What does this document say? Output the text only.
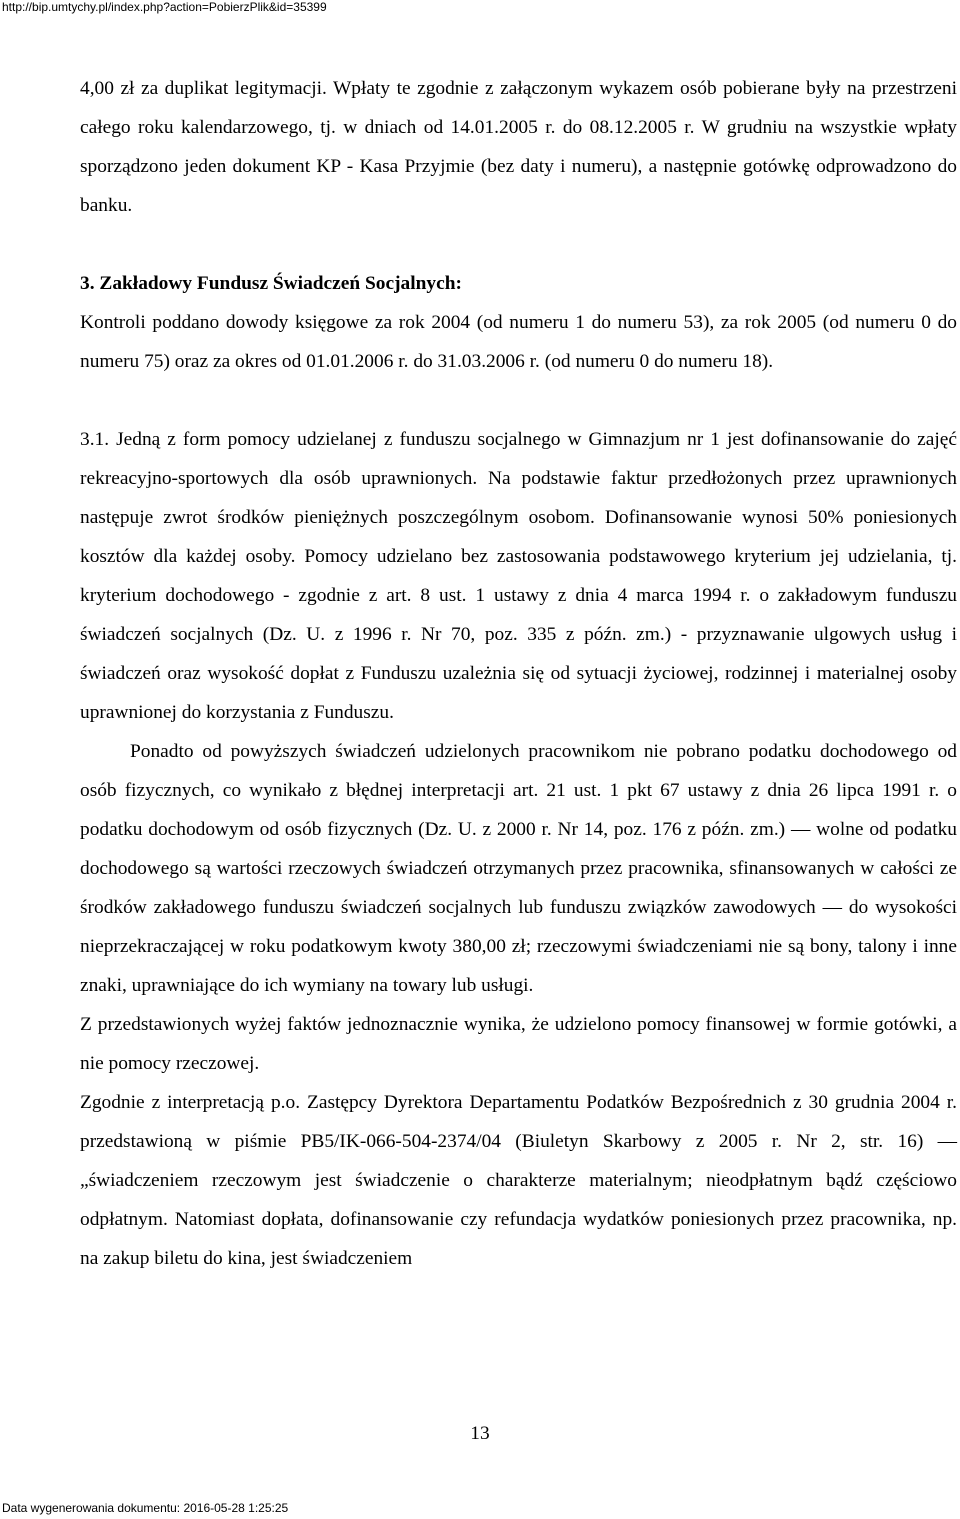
http://bip.umtychy.pl/index.php?action=PobierzPlik&id=35399

4,00 zł za duplikat legitymacji. Wpłaty te zgodnie z załączonym wykazem osób pobierane były na przestrzeni całego roku kalendarzowego, tj. w dniach od 14.01.2005 r. do 08.12.2005 r. W grudniu na wszystkie wpłaty sporządzono jeden dokument KP - Kasa Przyjmie (bez daty i numeru), a następnie gotówkę odprowadzono do banku.

3. Zakładowy Fundusz Świadczeń Socjalnych:

Kontroli poddano dowody księgowe za rok 2004 (od numeru 1 do numeru 53), za rok 2005 (od numeru 0 do numeru 75) oraz za okres od 01.01.2006 r. do 31.03.2006 r. (od numeru 0 do numeru 18).

3.1. Jedną z form pomocy udzielanej z funduszu socjalnego w Gimnazjum nr 1 jest dofinansowanie do zajęć rekreacyjno-sportowych dla osób uprawnionych. Na podstawie faktur przedłożonych przez uprawnionych następuje zwrot środków pieniężnych poszczególnym osobom. Dofinansowanie wynosi 50% poniesionych kosztów dla każdej osoby. Pomocy udzielano bez zastosowania podstawowego kryterium jej udzielania, tj. kryterium dochodowego - zgodnie z art. 8 ust. 1 ustawy z dnia 4 marca 1994 r. o zakładowym funduszu świadczeń socjalnych (Dz. U. z 1996 r. Nr 70, poz. 335 z późn. zm.) - przyznawanie ulgowych usług i świadczeń oraz wysokość dopłat z Funduszu uzależnia się od sytuacji życiowej, rodzinnej i materialnej osoby uprawnionej do korzystania z Funduszu.

Ponadto od powyższych świadczeń udzielonych pracownikom nie pobrano podatku dochodowego od osób fizycznych, co wynikało z błędnej interpretacji art. 21 ust. 1 pkt 67 ustawy z dnia 26 lipca 1991 r. o podatku dochodowym od osób fizycznych (Dz. U. z 2000 r. Nr 14, poz. 176 z późn. zm.) — wolne od podatku dochodowego są wartości rzeczowych świadczeń otrzymanych przez pracownika, sfinansowanych w całości ze środków zakładowego funduszu świadczeń socjalnych lub funduszu związków zawodowych — do wysokości nieprzekraczającej w roku podatkowym kwoty 380,00 zł; rzeczowymi świadczeniami nie są bony, talony i inne znaki, uprawniające do ich wymiany na towary lub usługi.

Z przedstawionych wyżej faktów jednoznacznie wynika, że udzielono pomocy finansowej w formie gotówki, a nie pomocy rzeczowej.

Zgodnie z interpretacją p.o. Zastępcy Dyrektora Departamentu Podatków Bezpośrednich z 30 grudnia 2004 r. przedstawioną w piśmie PB5/IK-066-504-2374/04 (Biuletyn Skarbowy z 2005 r. Nr 2, str. 16) — „świadczeniem rzeczowym jest świadczenie o charakterze materialnym; nieodpłatnym bądź częściowo odpłatnym. Natomiast dopłata, dofinansowanie czy refundacja wydatków poniesionych przez pracownika, np. na zakup biletu do kina, jest świadczeniem

13
Data wygenerowania dokumentu: 2016-05-28 1:25:25
